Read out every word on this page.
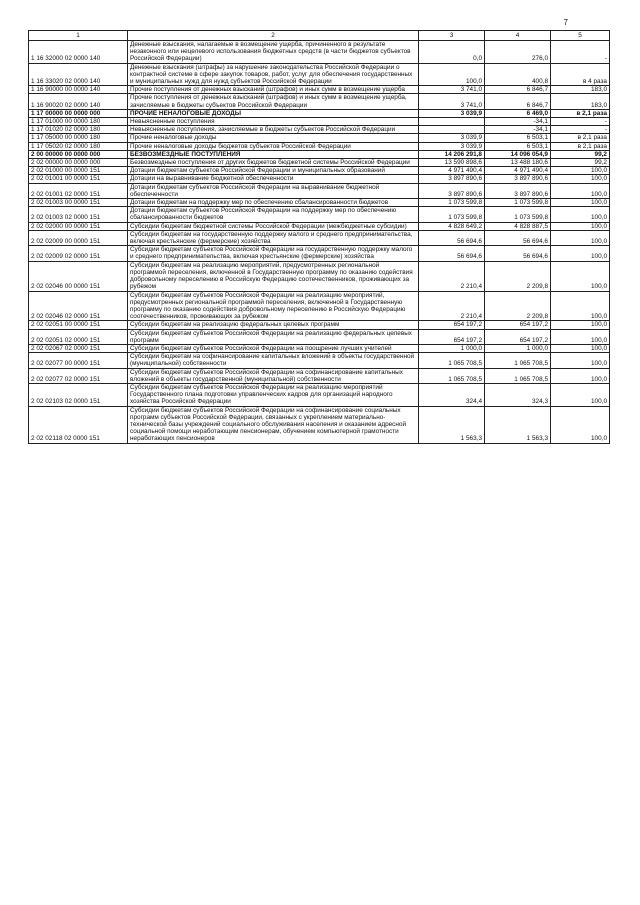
7
1	2	3	4	5
1 16 32000 02 0000 140	Денежные взыскания, налагаемые в возмещение ущерба, причиненного в результате незаконного или нецелевого использования бюджетных средств (в части бюджетов субъектов Российской Федерации)	0,0	276,0	-
1 16 33020 02 0000 140	Денежные взыскания (штрафы) за нарушение законодательства Российской Федерации о контрактной системе в сфере закупок товаров, работ, услуг для обеспечения государственных и муниципальных нужд для нужд субъектов Российской Федерации	100,0	400,8	в 4 раза
1 16 90000 00 0000 140	Прочие поступления от денежных взысканий (штрафов) и иных сумм в возмещение ущерба	3 741,0	6 846,7	183,0
1 16 90020 02 0000 140	Прочие поступления от денежных взысканий (штрафов) и иных сумм в возмещение ущерба, зачисляемые в бюджеты субъектов Российской Федерации	3 741,0	6 846,7	183,0
1 17 00000 00 0000 000	ПРОЧИЕ НЕНАЛОГОВЫЕ ДОХОДЫ	3 039,9	6 469,0	в 2,1 раза
1 17 01000 00 0000 180	Невыясненные поступления		-34,1	-
1 17 01020 02 0000 180	Невыясненные поступления, зачисляемые в бюджеты субъектов Российской Федерации		-34,1	-
1 17 05000 00 0000 180	Прочие неналоговые доходы	3 039,9	6 503,1	в 2,1 раза
1 17 05020 02 0000 180	Прочие неналоговые доходы бюджетов субъектов Российской Федерации	3 039,9	6 503,1	в 2,1 раза
2 00 00000 00 0000 000	БЕЗВОЗМЕЗДНЫЕ ПОСТУПЛЕНИЯ	14 206 291,8	14 096 054,9	99,2
2 02 00000 00 0000 000	Безвозмездные поступления от других бюджетов бюджетной системы Российской Федерации	13 590 898,6	13 488 180,6	99,2
2 02 01000 00 0000 151	Дотации бюджетам субъектов Российской Федерации и муниципальных образований	4 971 490,4	4 971 490,4	100,0
2 02 01001 00 0000 151	Дотации на выравнивание бюджетной обеспеченности	3 897 890,6	3 897 890,6	100,0
2 02 01001 02 0000 151	Дотации бюджетам субъектов Российской Федерации на выравнивание бюджетной обеспеченности	3 897 890,6	3 897 890,6	100,0
2 02 01003 00 0000 151	Дотации бюджетам на поддержку мер по обеспечению сбалансированности бюджетов	1 073 599,8	1 073 599,8	100,0
2 02 01003 02 0000 151	Дотации бюджетам субъектов Российской Федерации на поддержку мер по обеспечению сбалансированности бюджетов	1 073 599,8	1 073 599,8	100,0
2 02 02000 00 0000 151	Субсидии бюджетам бюджетной системы Российской Федерации (межбюджетные субсидии)	4 828 649,2	4 828 887,5	100,0
2 02 02009 00 0000 151	Субсидии бюджетам на государственную поддержку малого и среднего предпринимательства, включая крестьянские (фермерские) хозяйства	56 694,6	56 694,6	100,0
2 02 02009 02 0000 151	Субсидии бюджетам субъектов Российской Федерации на государственную поддержку малого и среднего предпринимательства, включая крестьянские (фермерские) хозяйства	56 694,6	56 694,6	100,0
2 02 02046 00 0000 151	Субсидии бюджетам на реализацию мероприятий, предусмотренных региональной программой переселения, включенной в Государственную программу по оказанию содействия добровольному переселению в Российскую Федерацию соотечественников, проживающих за рубежом	2 210,4	2 209,8	100,0
2 02 02046 02 0000 151	Субсидии бюджетам субъектов Российской Федерации на реализацию мероприятий, предусмотренных региональной программой переселения, включенной в Государственную программу по оказанию содействия добровольному переселению в Российскую Федерацию соотечественников, проживающих за рубежом	2 210,4	2 209,8	100,0
2 02 02051 00 0000 151	Субсидии бюджетам на реализацию федеральных целевых программ	654 197,2	654 197,2	100,0
2 02 02051 02 0000 151	Субсидии бюджетам субъектов Российской Федерации на реализацию федеральных целевых программ	654 197,2	654 197,2	100,0
2 02 02067 02 0000 151	Субсидии бюджетам субъектов Российской Федерации на поощрение лучших учителей	1 000,0	1 000,0	100,0
2 02 02077 00 0000 151	Субсидии бюджетам на софинансирование капитальных вложений в объекты государственной (муниципальной) собственности	1 065 708,5	1 065 708,5	100,0
2 02 02077 02 0000 151	Субсидии бюджетам субъектов Российской Федерации на софинансирование капитальных вложений в объекты государственной (муниципальной) собственности	1 065 708,5	1 065 708,5	100,0
2 02 02103 02 0000 151	Субсидии бюджетам субъектов Российской Федерации на реализацию мероприятий Государственного плана подготовки управленческих кадров для организаций народного хозяйства Российской Федерации	324,4	324,3	100,0
2 02 02118 02 0000 151	Субсидии бюджетам субъектов Российской Федерации на софинансирование социальных программ субъектов Российской Федерации, связанных с укреплением материально-технической базы учреждений социального обслуживания населения и оказанием адресной социальной помощи неработающим пенсионерам, обучением компьютерной грамотности неработающих пенсионеров	1 563,3	1 563,3	100,0
